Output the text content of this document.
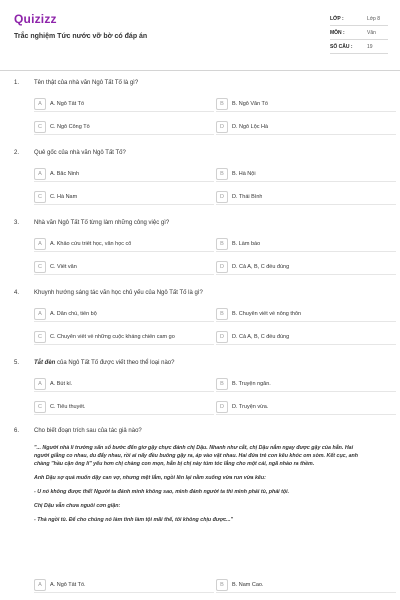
Quizizz
Trắc nghiệm Tức nước vỡ bờ có đáp án
LỚP :	Lớp 8
MÔN :	Văn
SỐ CÂU :	19
1. Tên thật của nhà văn Ngô Tất Tố là gì?
A	A. Ngô Tất Tố	B	B. Ngô Văn Tố
C	C. Ngô Công Tố	D	D. Ngô Lộc Hà
2. Quê gốc của nhà văn Ngô Tất Tố?
A	A. Bắc Ninh	B	B. Hà Nội
C	C. Hà Nam	D	D. Thái Bình
3. Nhà văn Ngô Tất Tố từng làm những công việc gì?
A	A. Khảo cứu triết học, văn học cổ	B	B. Làm báo
C	C. Viết văn	D	D. Cả A, B, C đều đúng
4. Khuynh hướng sáng tác văn học chủ yếu của Ngô Tất Tố là gì?
A	A. Dân chủ, tiến bộ	B	B. Chuyên viết về nông thôn
C	C. Chuyên viết về những cuộc kháng chiến cam go	D	D. Cả A, B, C đều đúng
5. Tắt đèn của Ngô Tất Tố được viết theo thể loại nào?
A	A. Bút kí.	B	B. Truyện ngắn.
C	C. Tiểu thuyết.	D	D. Truyện vừa.
6. Cho biết đoạn trích sau của tác giả nào?

"... Người nhà lí trưởng sấn sổ bước đến giơ gậy chực đánh chị Dậu. Nhanh như cắt, chị Dậu nắm ngay được gậy của hắn. Hai người giằng co nhau, du đẩy nhau, rồi ai nấy đều buông gậy ra, áp vào vật nhau. Hai đứa trẻ con kêu khóc om sòm. Kết cục, anh chàng "hầu cận ông lí" yếu hơn chị chàng con mọn, hắn bị chị này túm tóc lẳng cho một cái, ngã nhào ra thềm.

Anh Dậu sợ quá muốn dậy can vợ, nhưng mệt lắm, ngồi lên lại nằm xuống vừa run vừa kêu:

- U nó không được thế! Người ta đánh mình không sao, mình đánh người ta thì mình phải tù, phải tội.

Chị Dậu vẫn chưa nguôi cơn giận:

- Thà ngồi tù. Để cho chúng nó làm tình làm tội mãi thế, tôi không chịu được..."

A	A. Ngô Tất Tố.	B	B. Nam Cao.
